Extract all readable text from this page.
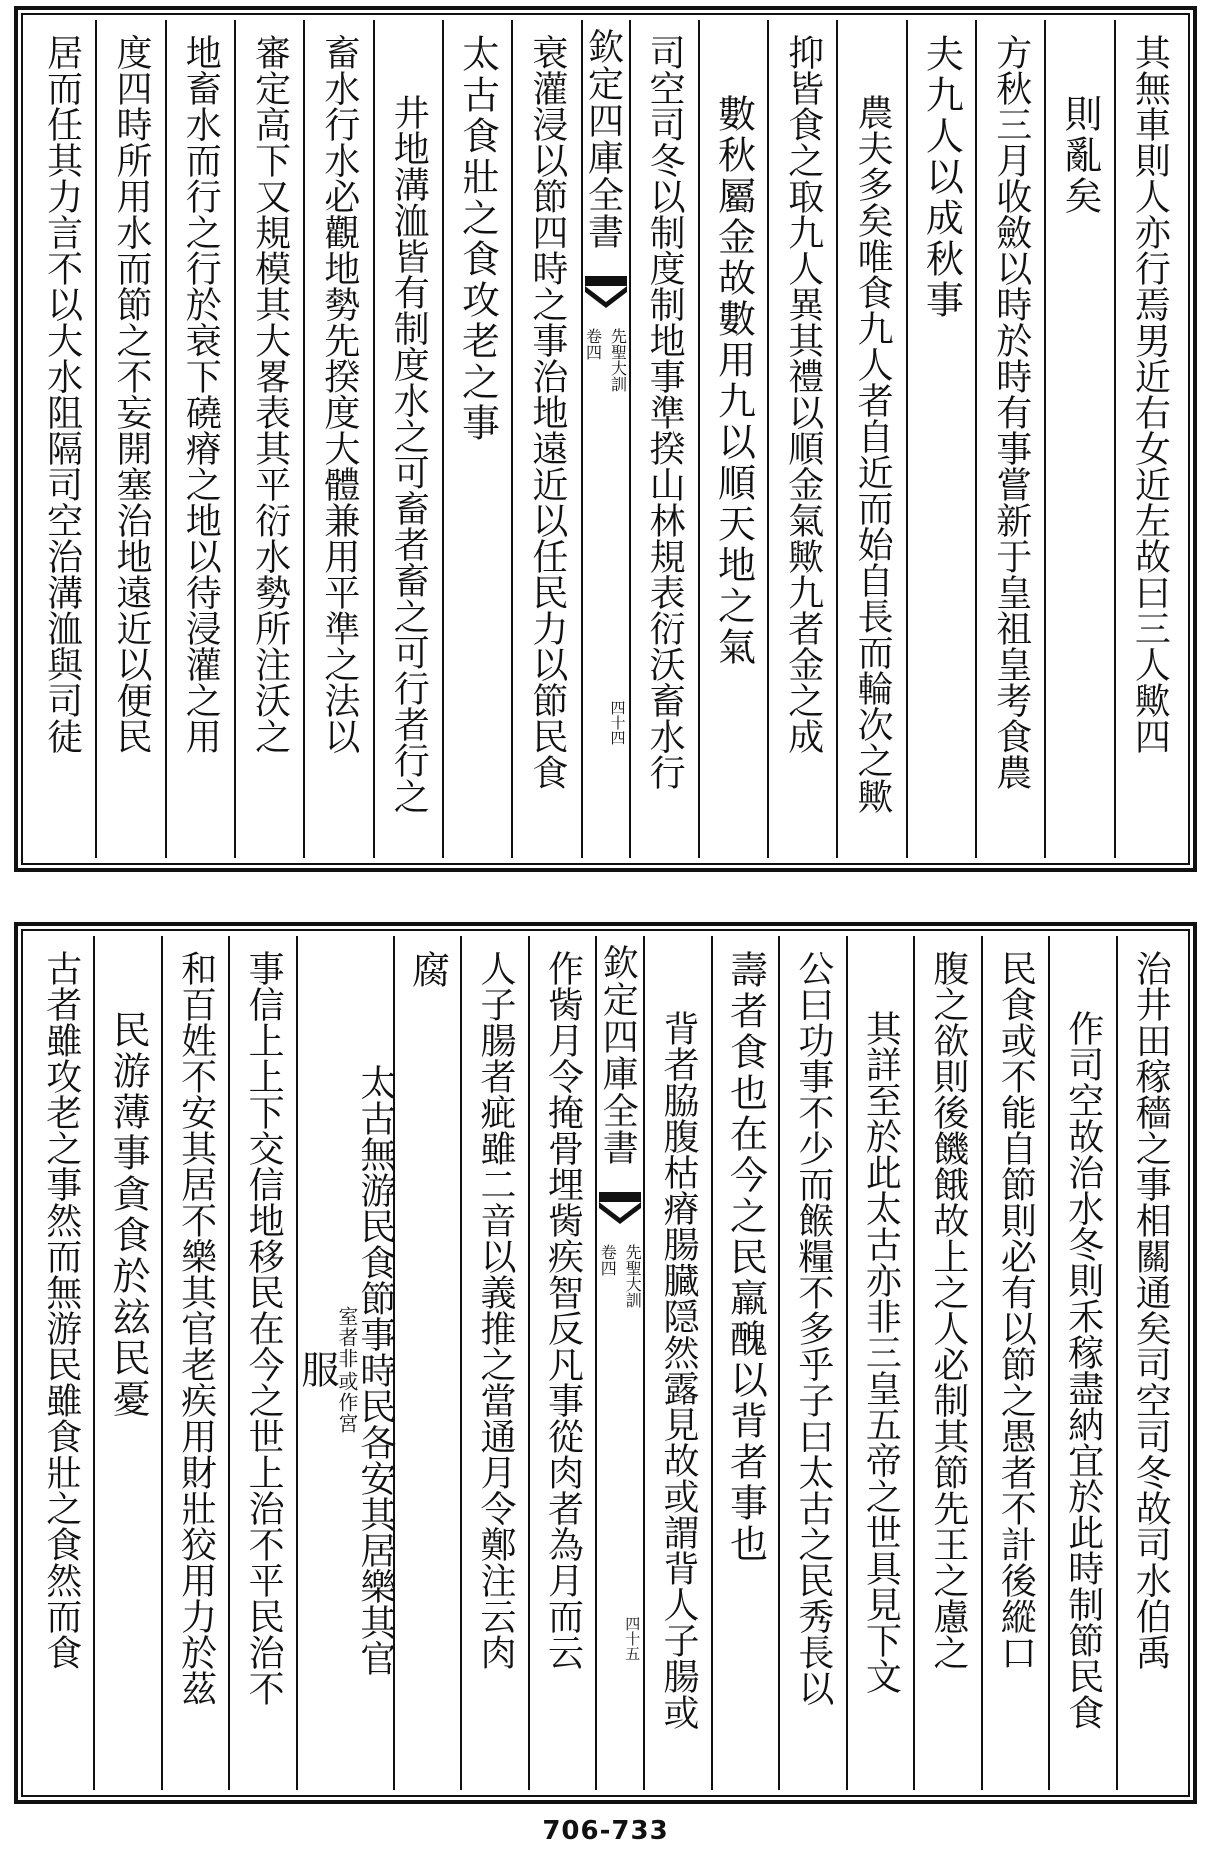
其無車則人亦行焉男近右女近左故曰三人歟四
則亂矣
方秋三月收斂以時於時有事嘗新于皇祖皇考食農
夫九人以成秋事
農夫多矣唯食九人者自近而始自長而輪次之歟
抑皆食之取九人異其禮以順金氣歟九者金之成
數秋屬金故數用九以順天地之氣
司空司冬以制度制地事準揆山林規表衍沃畜水行
欽定四庫全書
先聖大訓
卷四
四十四
衰灌浸以節四時之事治地遠近以任民力以節民食
太古食壯之食攻老之事
井地溝洫皆有制度水之可畜者畜之可行者行之
畜水行水必觀地勢先揆度大體兼用平準之法以
審定高下又規模其大畧表其平衍水勢所注沃之
地畜水而行之行於衰下磽瘠之地以待浸灌之用
度四時所用水而節之不妄開塞治地遠近以便民
居而任其力言不以大水阻隔司空治溝洫與司徒
治井田稼穡之事相關通矣司空司冬故司水伯禹
作司空故治水冬則禾稼盡納宜於此時制節民食
民食或不能自節則必有以節之愚者不計後縱口
腹之欲則後饑餓故上之人必制其節先王之慮之
其詳至於此太古亦非三皇五帝之世具見下文
公曰功事不少而餱糧不多乎子曰太古之民秀長以
壽者食也在今之民羸醜以背者事也
背者脇腹枯瘠腸臓隠然露見故或謂背人子腸或
欽定四庫全書
先聖大訓
卷四
四十五
作胔月令掩骨埋胔疾智反凡事從肉者為月而云
人子腸者疵雖二音以義推之當通月令鄭注云肉
腐
太古無游民食節事時民各安其居樂其官
或作宮
室者非
服
事信上上下交信地移民在今之世上治不平民治不
和百姓不安其居不樂其官老疾用財壯狡用力於茲
民游薄事貪食於玆民憂
古者雖攻老之事然而無游民雖食壯之食然而食
706-733
